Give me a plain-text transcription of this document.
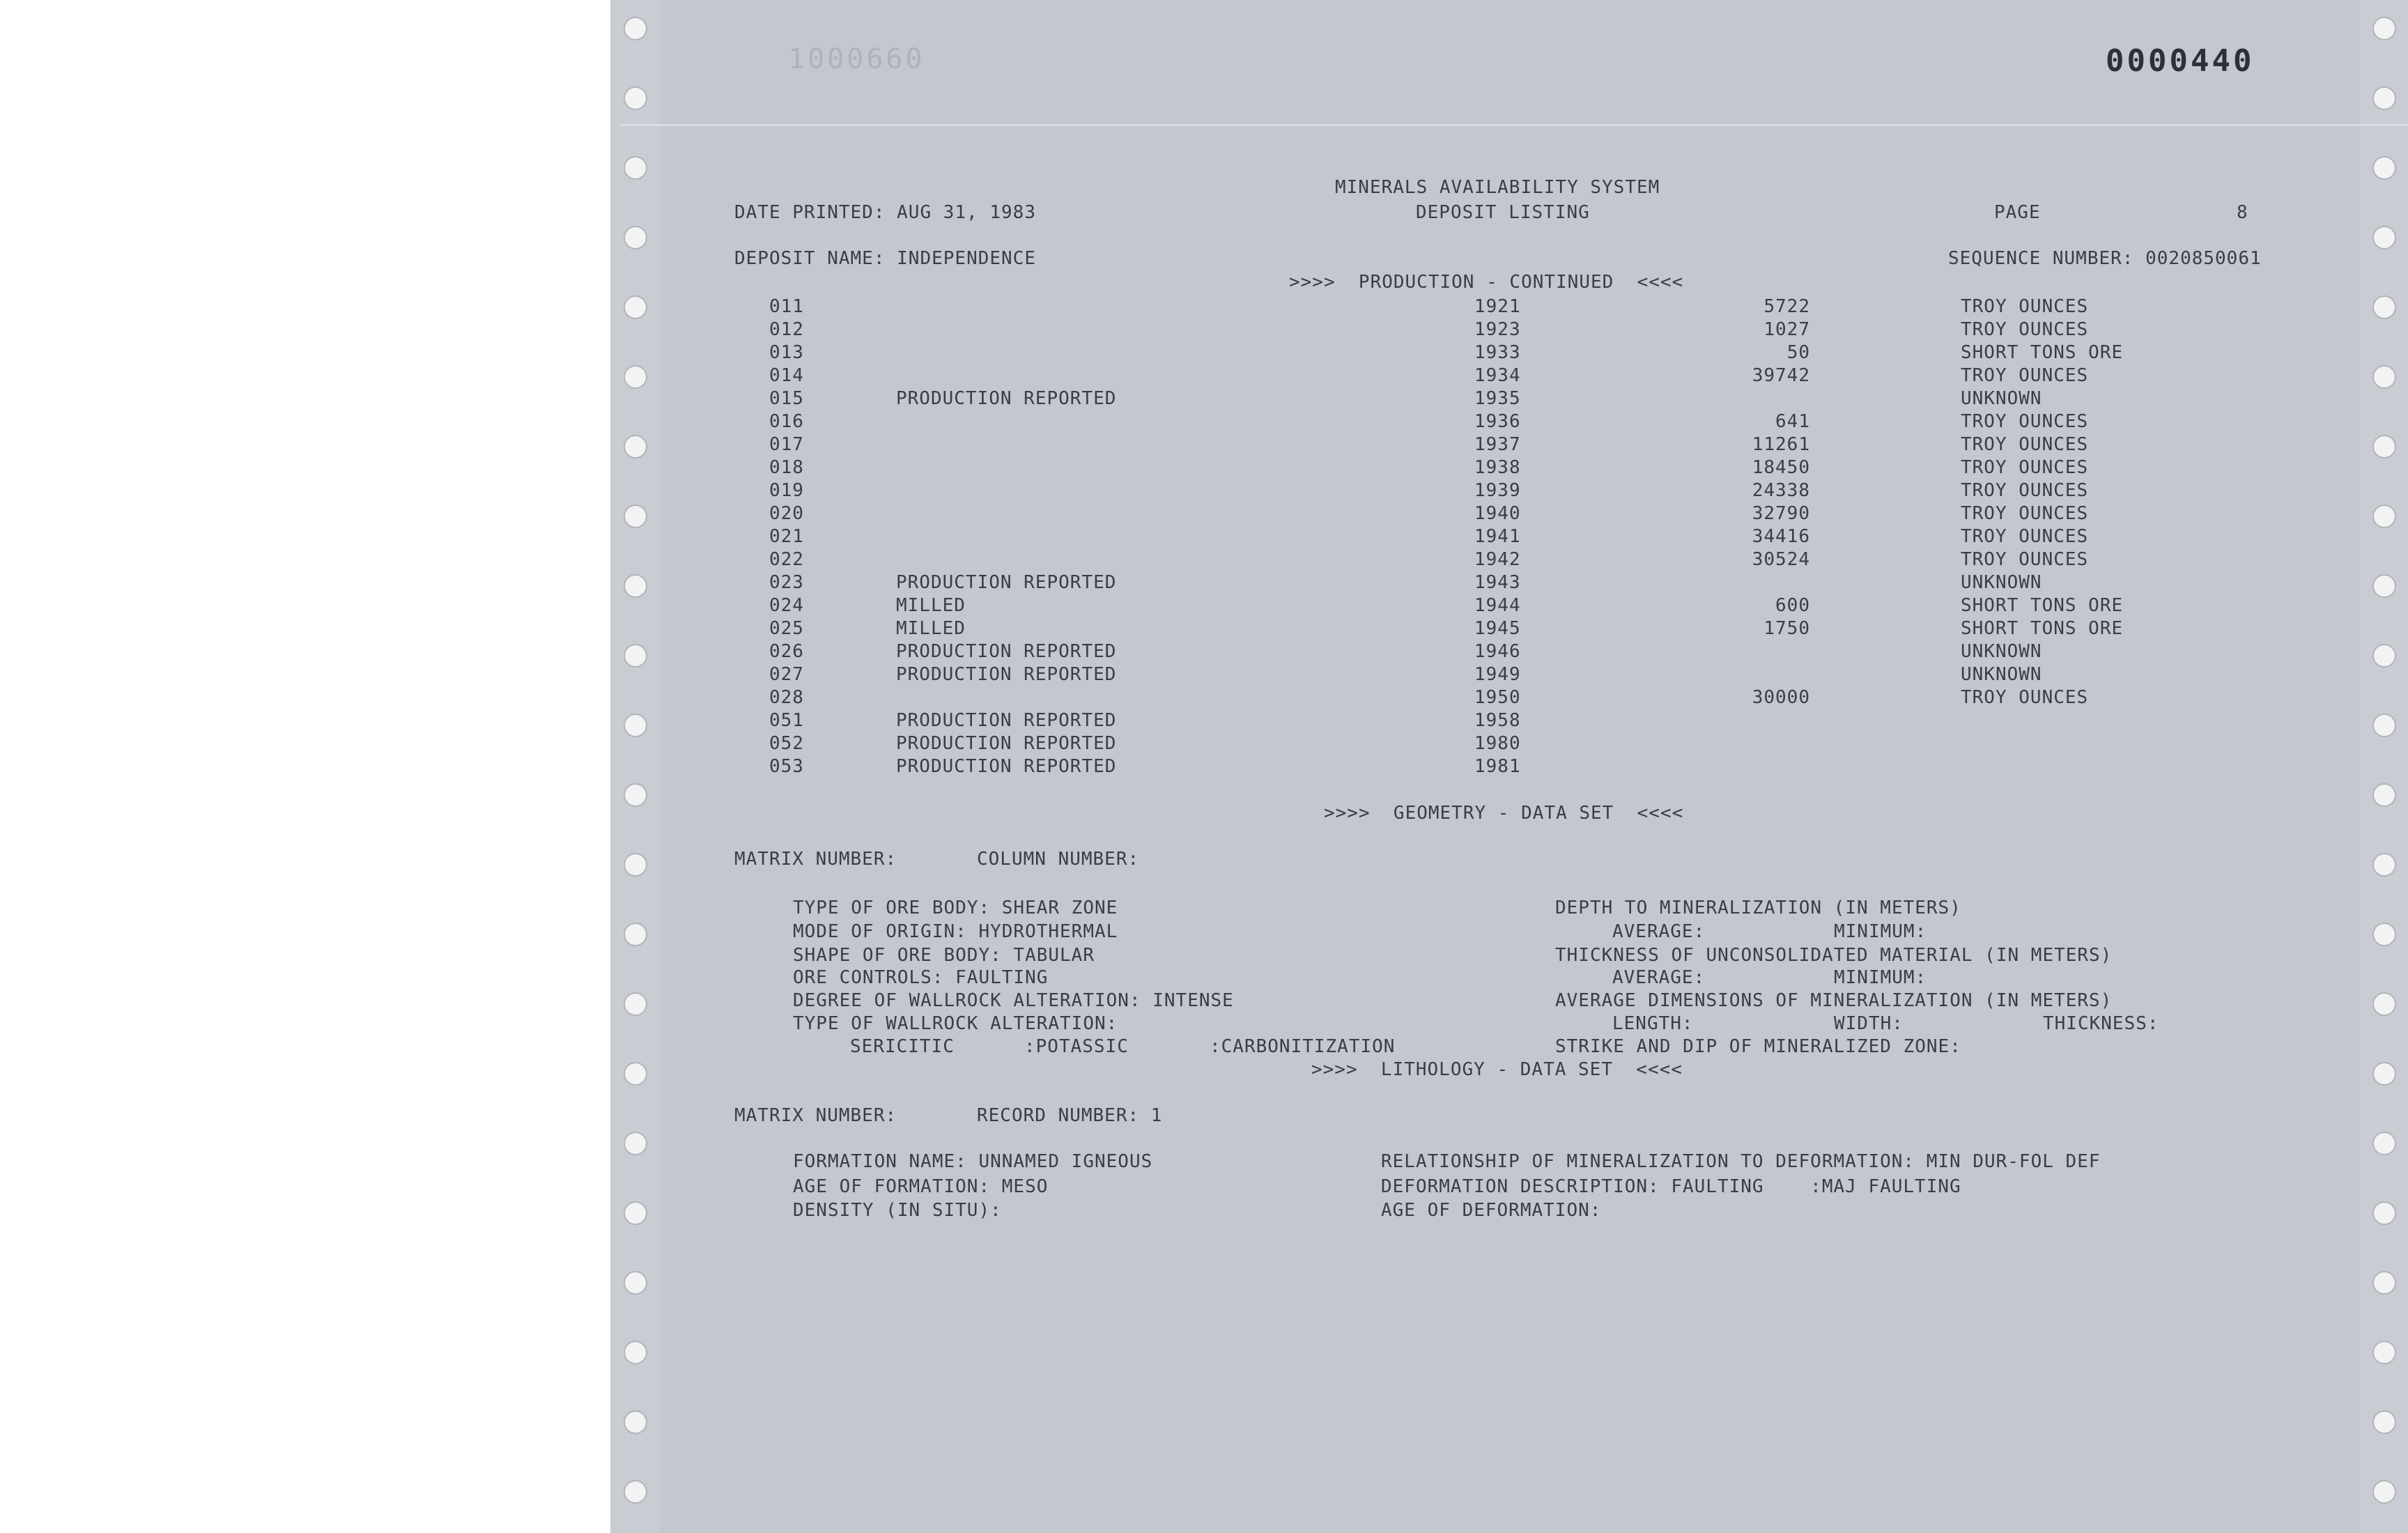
1000660	0000440
MINERALS AVAILABILITY SYSTEM
DATE PRINTED: AUG 31, 1983	DEPOSIT LISTING	PAGE	8
DEPOSIT NAME: INDEPENDENCE	SEQUENCE NUMBER: 0020850061
>>>>  PRODUCTION - CONTINUED  <<<<
011	1921	5722	TROY OUNCES
012	1923	1027	TROY OUNCES
013	1933	50	SHORT TONS ORE
014	1934	39742	TROY OUNCES
015	PRODUCTION REPORTED	1935	UNKNOWN
016	1936	641	TROY OUNCES
017	1937	11261	TROY OUNCES
018	1938	18450	TROY OUNCES
019	1939	24338	TROY OUNCES
020	1940	32790	TROY OUNCES
021	1941	34416	TROY OUNCES
022	1942	30524	TROY OUNCES
023	PRODUCTION REPORTED	1943	UNKNOWN
024	MILLED	1944	600	SHORT TONS ORE
025	MILLED	1945	1750	SHORT TONS ORE
026	PRODUCTION REPORTED	1946	UNKNOWN
027	PRODUCTION REPORTED	1949	UNKNOWN
028	1950	30000	TROY OUNCES
051	PRODUCTION REPORTED	1958
052	PRODUCTION REPORTED	1980
053	PRODUCTION REPORTED	1981
>>>>  GEOMETRY - DATA SET  <<<<
MATRIX NUMBER:	COLUMN NUMBER:
TYPE OF ORE BODY: SHEAR ZONE
MODE OF ORIGIN: HYDROTHERMAL
SHAPE OF ORE BODY: TABULAR
ORE CONTROLS: FAULTING
DEGREE OF WALLROCK ALTERATION: INTENSE
TYPE OF WALLROCK ALTERATION:
SERICITIC	:POTASSIC	:CARBONITIZATION
DEPTH TO MINERALIZATION (IN METERS)
AVERAGE:	MINIMUM:
THICKNESS OF UNCONSOLIDATED MATERIAL (IN METERS)
AVERAGE:	MINIMUM:
AVERAGE DIMENSIONS OF MINERALIZATION (IN METERS)
LENGTH:	WIDTH:	THICKNESS:
STRIKE AND DIP OF MINERALIZED ZONE:
>>>>  LITHOLOGY - DATA SET  <<<<
MATRIX NUMBER:	RECORD NUMBER: 1
FORMATION NAME: UNNAMED IGNEOUS
AGE OF FORMATION: MESO
DENSITY (IN SITU):
RELATIONSHIP OF MINERALIZATION TO DEFORMATION: MIN DUR-FOL DEF
DEFORMATION DESCRIPTION: FAULTING    :MAJ FAULTING
AGE OF DEFORMATION:
